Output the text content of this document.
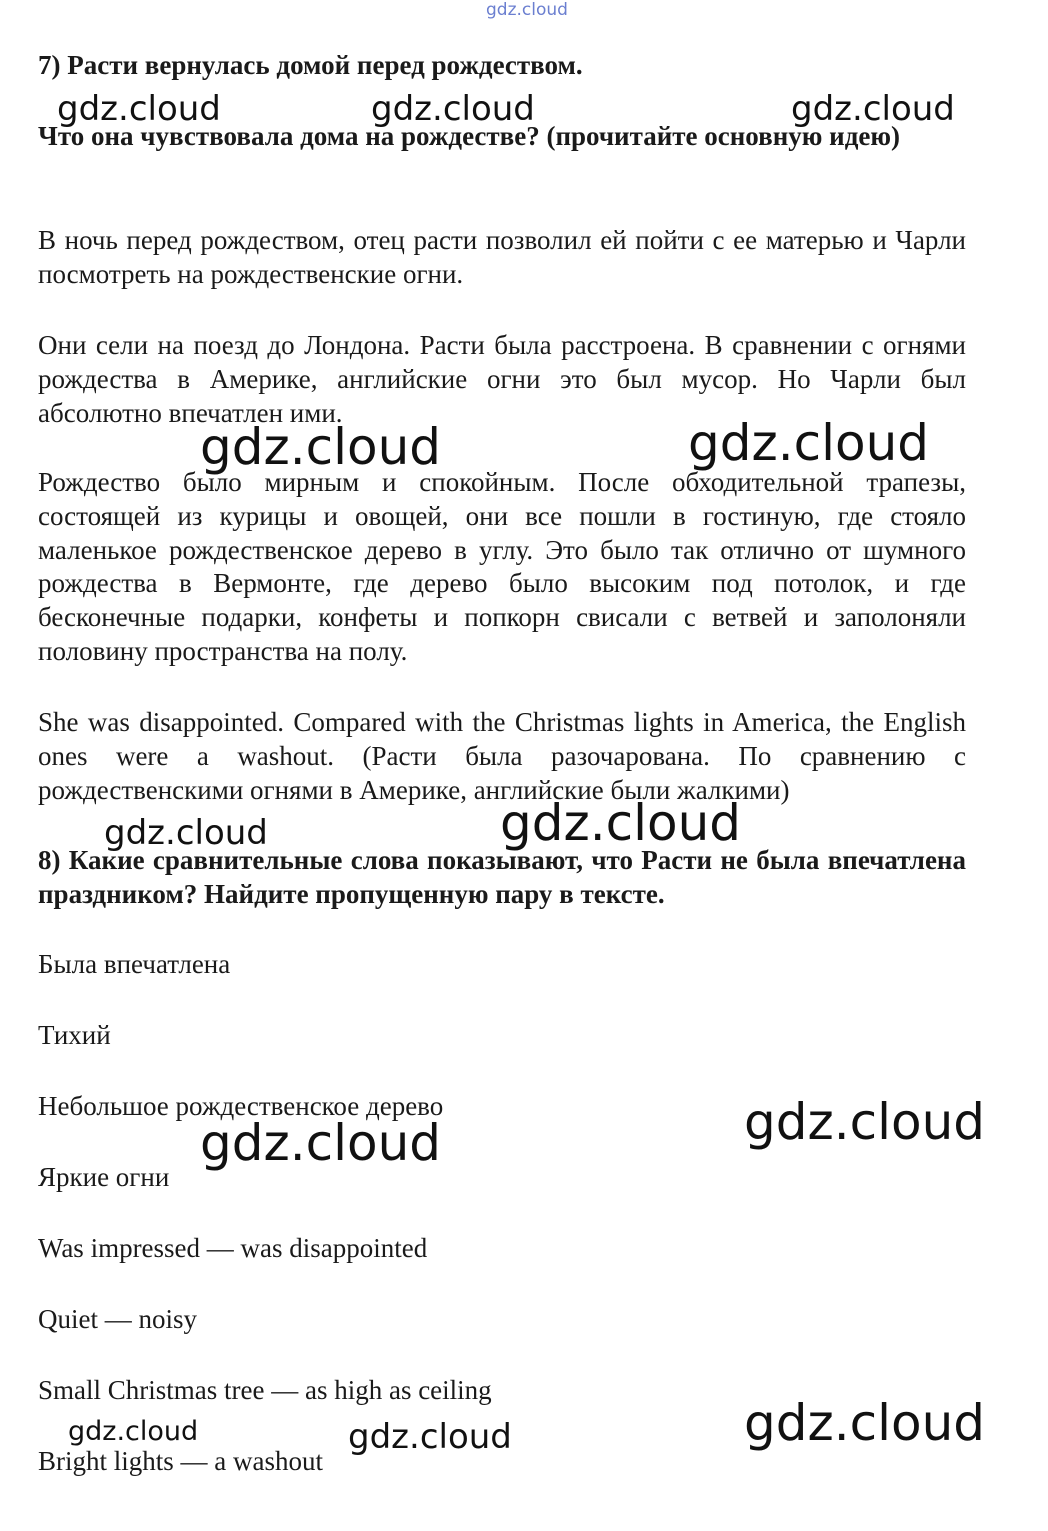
gdz.cloud

7) Расти вернулась домой перед рождеством.

Что она чувствовала дома на рождестве? (прочитайте основную идею)

В ночь перед рождеством, отец расти позволил ей пойти с ее матерью и Чарли посмотреть на рождественские огни.

Они сели на поезд до Лондона. Расти была расстроена. В сравнении с огнями рождества в Америке, английские огни это был мусор. Но Чарли был абсолютно впечатлен ими.

Рождество было мирным и спокойным. После обходительной трапезы, состоящей из курицы и овощей, они все пошли в гостиную, где стояло маленькое рождественское дерево в углу. Это было так отлично от шумного рождества в Вермонте, где дерево было высоким под потолок, и где бесконечные подарки, конфеты и попкорн свисали с ветвей и заполоняли половину пространства на полу.

She was disappointed. Compared with the Christmas lights in America, the English ones were a washout. (Расти была разочарована. По сравнению с рождественскими огнями в Америке, английские были жалкими)

8) Какие сравнительные слова показывают, что Расти не была впечатлена праздником? Найдите пропущенную пару в тексте.

Была впечатлена

Тихий

Небольшое рождественское дерево

Яркие огни

Was impressed — was disappointed

Quiet — noisy

Small Christmas tree — as high as ceiling

Bright lights — a washout

gdz.cloud	gdz.cloud	gdz.cloud
gdz.cloud	gdz.cloud
gdz.cloud	gdz.cloud
gdz.cloud	gdz.cloud
gdz.cloud	gdz.cloud	gdz.cloud
